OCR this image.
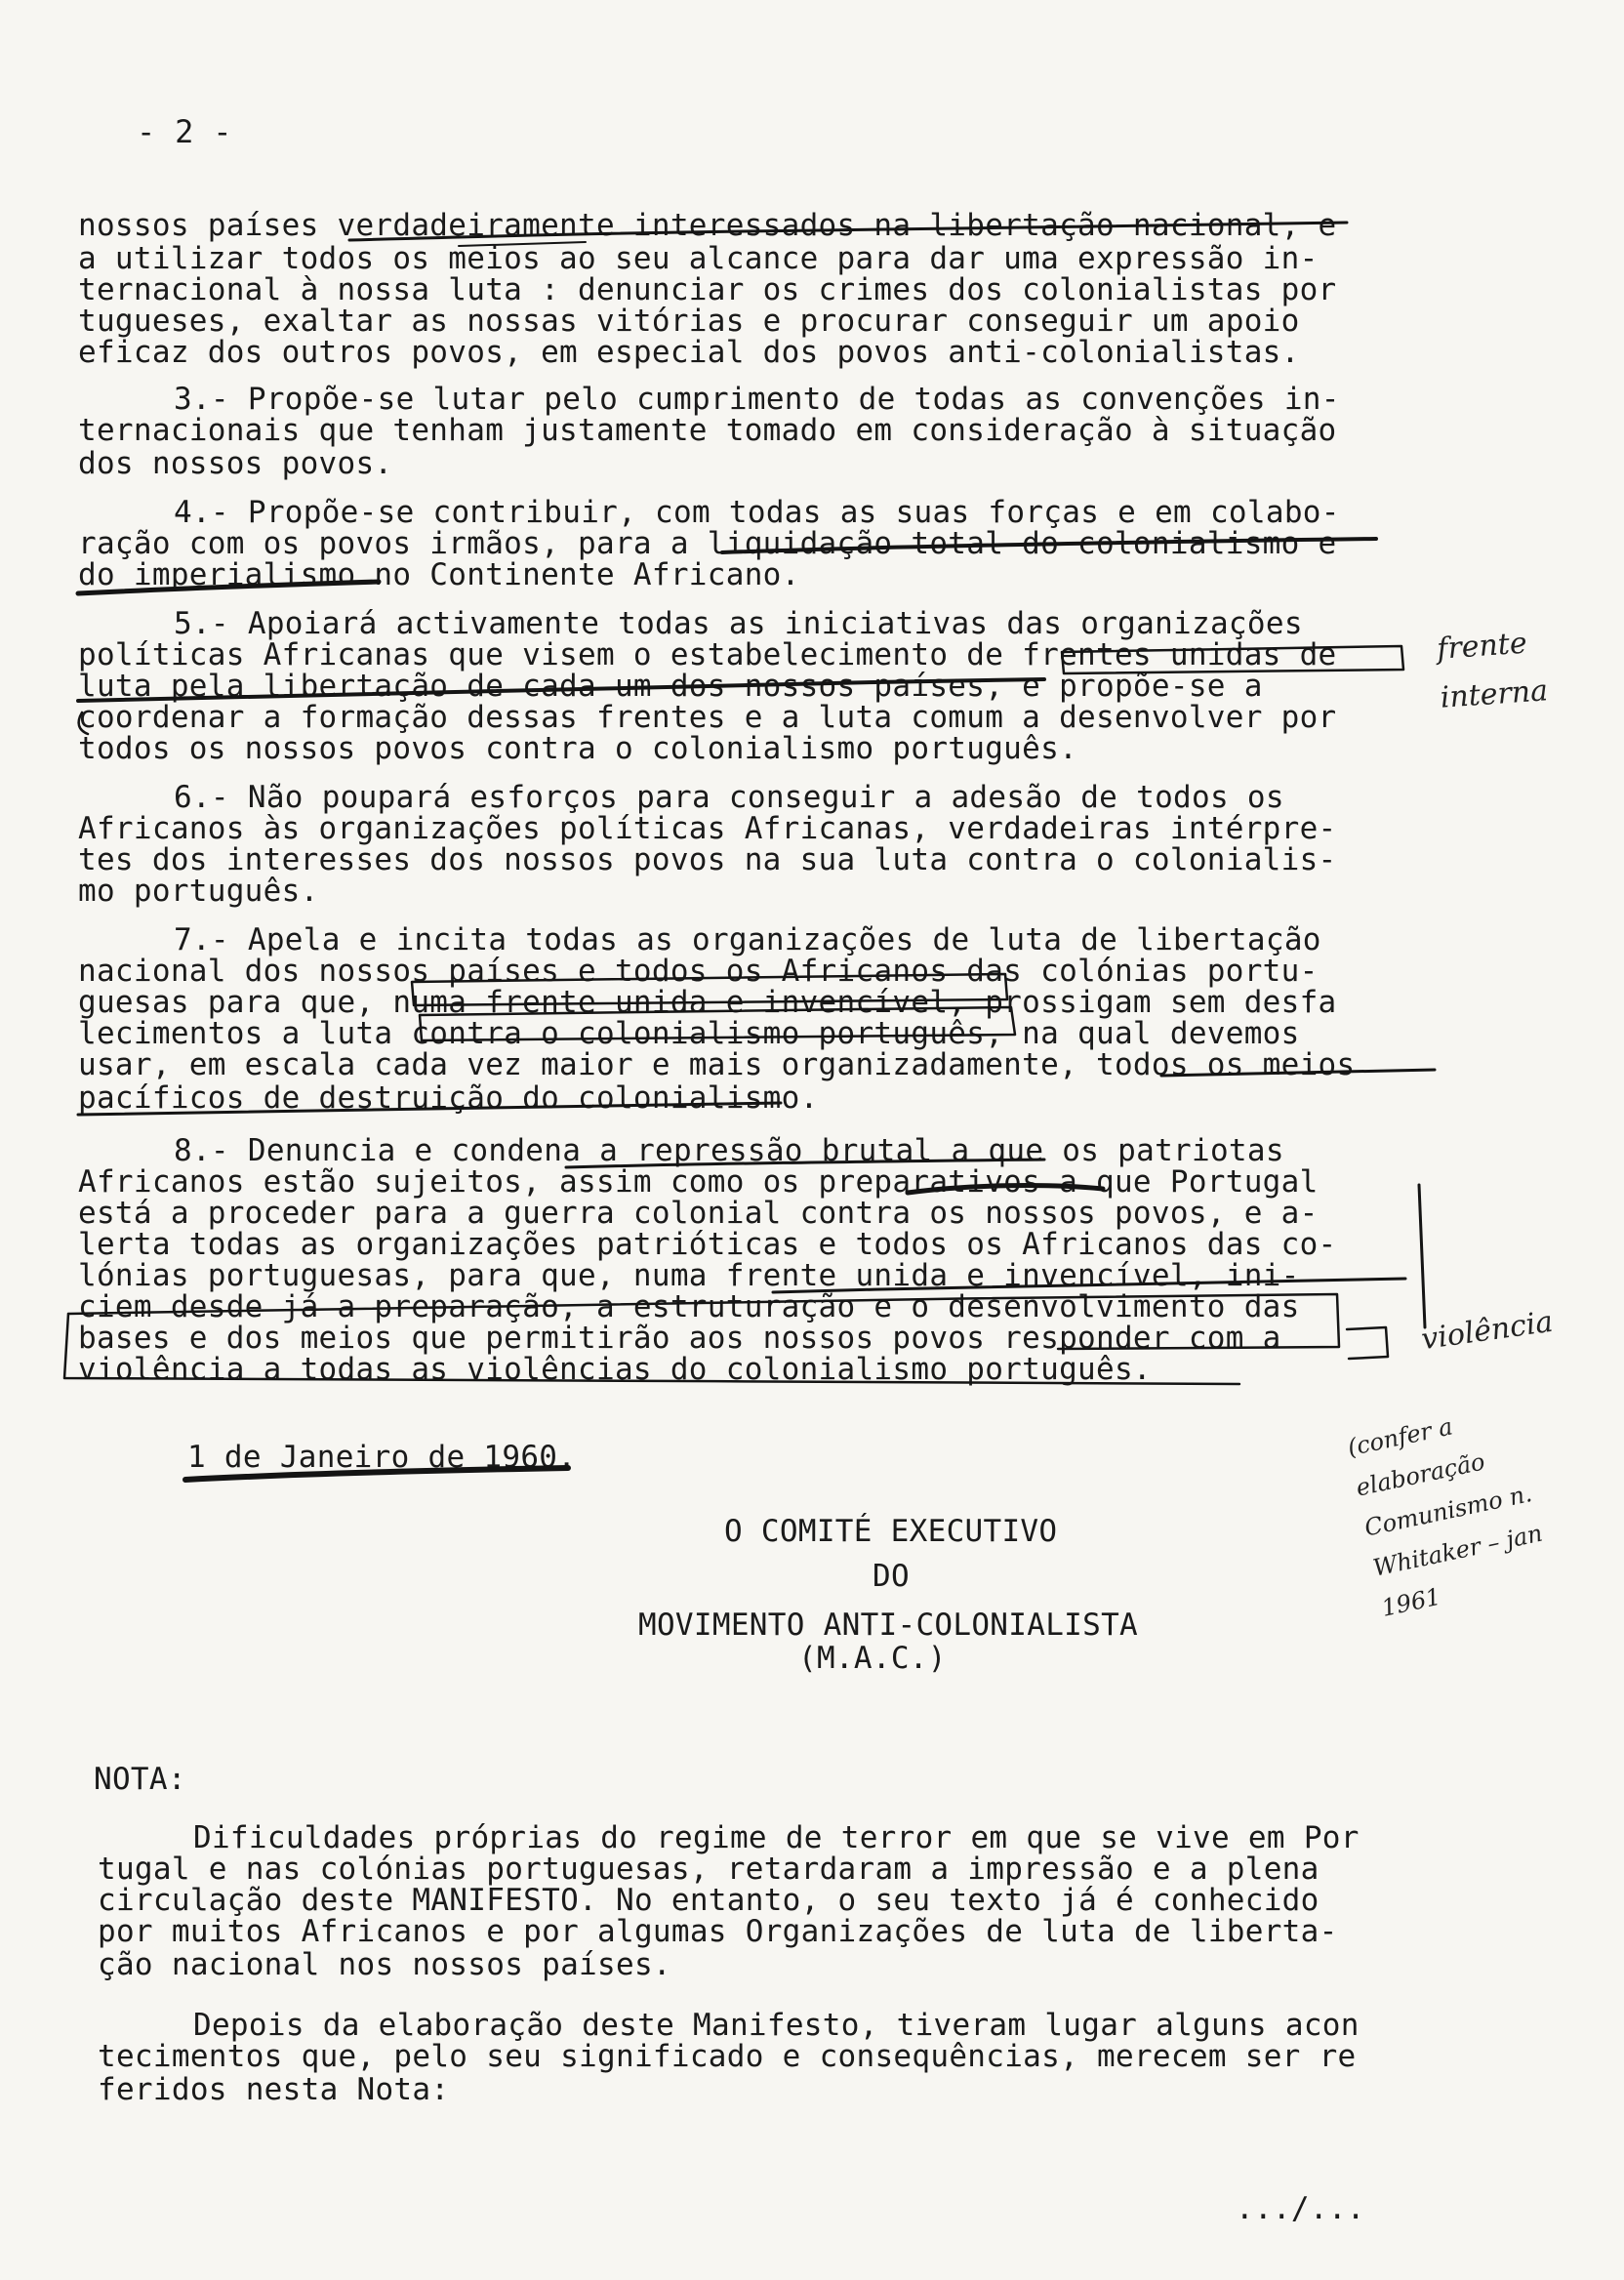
- 2 -
nossos países verdadeiramente interessados na libertação nacional, e
a utilizar todos os meios ao seu alcance para dar uma expressão in-
ternacional à nossa luta : denunciar os crimes dos colonialistas por
tugueses, exaltar as nossas vitórias e procurar conseguir um apoio
eficaz dos outros povos, em especial dos povos anti-colonialistas.
3.- Propõe-se lutar pelo cumprimento de todas as convenções in-
ternacionais que tenham justamente tomado em consideração à situação
dos nossos povos.
4.- Propõe-se contribuir, com todas as suas forças e em colabo-
ração com os povos irmãos, para a liquidação total do colonialismo e
do imperialismo no Continente Africano.
5.- Apoiará activamente todas as iniciativas das organizações
políticas Africanas que visem o estabelecimento de frentes unidas de
luta pela libertação de cada um dos nossos países, e propõe-se a
coordenar a formação dessas frentes e a luta comum a desenvolver por
todos os nossos povos contra o colonialismo português.
6.- Não poupará esforços para conseguir a adesão de todos os
Africanos às organizações políticas Africanas, verdadeiras intérpre-
tes dos interesses dos nossos povos na sua luta contra o colonialis-
mo português.
7.- Apela e incita todas as organizações de luta de libertação
nacional dos nossos países e todos os Africanos das colónias portu-
guesas para que, numa frente unida e invencível, prossigam sem desfa
lecimentos a luta contra o colonialismo português, na qual devemos
usar, em escala cada vez maior e mais organizadamente, todos os meios
pacíficos de destruição do colonialismo.
8.- Denuncia e condena a repressão brutal a que os patriotas
Africanos estão sujeitos, assim como os preparativos a que Portugal
está a proceder para a guerra colonial contra os nossos povos, e a-
lerta todas as organizações patrióticas e todos os Africanos das co-
lónias portuguesas, para que, numa frente unida e invencível, ini-
ciem desde já a preparação, a estruturação e o desenvolvimento das
bases e dos meios que permitirão aos nossos povos responder com a
violência a todas as violências do colonialismo português.
1 de Janeiro de 1960.
O COMITÉ EXECUTIVO
DO
MOVIMENTO ANTI-COLONIALISTA
(M.A.C.)
NOTA:
Dificuldades próprias do regime de terror em que se vive em Por
tugal e nas colónias portuguesas, retardaram a impressão e a plena
circulação deste MANIFESTO. No entanto, o seu texto já é conhecido
por muitos Africanos e por algumas Organizações de luta de liberta-
ção nacional nos nossos países.
Depois da elaboração deste Manifesto, tiveram lugar alguns acon
tecimentos que, pelo seu significado e consequências, merecem ser re
feridos nesta Nota:
.../...
frente interna
violência
(confer a elaboração Comunismo n. Whitaker – jan 1961
